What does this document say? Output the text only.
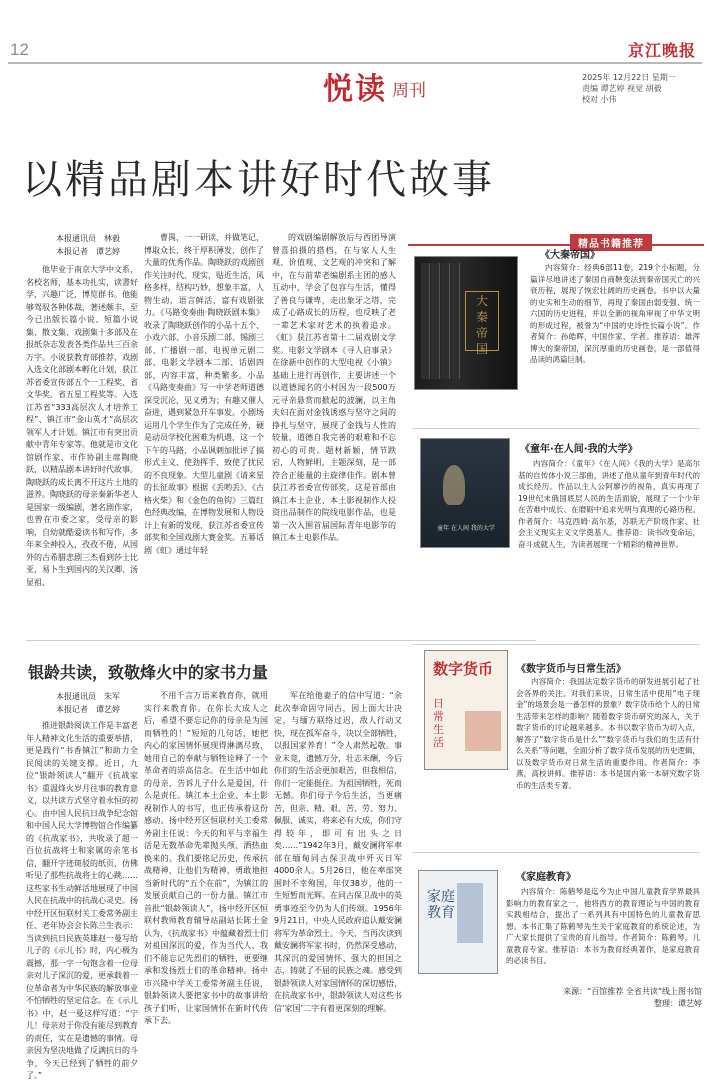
12	京江晚报
悦读 周刊
2025年 12月22日 星期一
责编 谭艺婷 视觉 胡毅
校对 小伟
以精品剧本讲好时代故事
本报通讯员　林毅
本报记者　谭艺婷

他毕业于南京大学中文系，名校名师，基本功扎实，读書好学，兴趣广泛，博览群书。他能够驾驭各种体裁，著述颇丰，至今已出版长篇小说、短篇小说集、散文集、戏剧集十多部及在报纸杂志发表各类作品共三百余万字。小说获教育部推荐，戏剧入选文化部剧本孵化计划，获江苏省委宣传部五个一工程奖、省文华奖、省五星工程奖等。入选江苏省“333高层次人才培养工程”、镇江市“金山英才”高层次领军人才计划。镇江市有突出贡献中青年专家等。他就是市文化馆剧作家、市作协副主席陶晓跃，以精品剧本讲好时代故事。陶晓跃的成长离不开这片土地的滋养。陶晓跃的母亲秦新华老人是国家一级编剧，著名剧作家，也曾在市委之家，受母亲的影响，自幼就酷爱读书和写作，多年来全神投入，孜孜不倦，从国外的古希腊悲剧三杰看到莎士比亚，易卜生到国内的关汉卿、汤显祖、

曹禺，一一研读，并做笔记，博取众长，终于厚积薄发，创作了大量的优秀作品。陶晓跃的戏剧创作关注时代、现实，贴近生活，风格多样，结构巧妙，想象丰富，人物生动，语言鲜活，富有戏剧张力。《马路变奏曲·陶晓跃剧本集》收录了陶晓跃创作的小品十五个、小戏六部、小音乐剧二部、锡剧三部、广播剧一部、电视单元剧二部、电影文学剧本二部、话剧四部，内容丰富，种类繁多。小品《马路变奏曲》写一中学老师道德深受沉沦，见义勇为；有趣又催人奋进，遇到紧急开车事发。小剧场运用几个学生作为了完成任务，硬是动员学校化困难为机遇，这一个下午的马路，小品讽刺加批评了搞形式主义、使劲挥手、致使了扰民的不良现象。大型儿童剧《请来星的长征故事》根据《丢哟丢》、《古格火柴》和《金色的鱼钩》三篇红色经典改编，在博物发展和人物设计上有新的发现，获江苏省委宣传部奖和全国戏剧大赛金奖。五幕话剧《虹》通过年轻

的戏剧编剧解放后与西团导演曾喜拍摄的搭档，在与家人人生观、价值观、文艺观的冲突和了解中，在与前辈老编剧系主团的感人互动中，学会了包容与生活，懂得了善良与谦卑，走出象牙之塔，完成了心路成长的历程，也反映了老一辈艺术家对艺术的执着追求。《虹》获江苏省第十二届戏剧文学奖。电影文学剧本《寻人启事录》在徐新中创作的大型电视《小镇》基础上进行再创作，主要讲述一个以道德闻名的小村因为一段500万元寻亲悬赏而掀起的波澜，以主角夫妇在面对金钱诱惑与坚守之间的挣扎与坚守，展现了金钱与人性的较量，道德自我完善的艰难和不忘初心的可贵。题材新颖，情节跌宕，人物鲜明，主题深刻，是一部符合正能量的主旋律佳作。剧本曾获江苏省委宣传部奖，这是首部由镇江本土企业、本土影视制作人投资出品制作的院线电影作品，也是第一次入围首届国际青年电影节的镇江本土电影作品。

银龄共读，致敬烽火中的家书力量
本报通讯员　朱军
本报记者　谭艺婷

推进银龄阅读工作是丰富老年人精神文化生活的重要举措，更是践行“书香镇江”和助力全民阅读的关键支撑。近日，九位“银龄领读人”翻开《抗战家书》重温烽火岁月往事的教育意义，以共读方式坚守着永恒的初心。由中国人民抗日战争纪念馆和中国人民大学博物馆合作编纂的《抗战家书》，共收录了超一百位抗战将士和家属的亲笔书信，翻开字迹斑驳的纸页，仿佛听见了那些抗战将士的心跳……这些家书生动鲜活地展现了中国人民在抗战中的抗战心灵史。扬中经开区恒联村关工委常务副主任、老年协会会长陈兰生表示：当读到抗日民族英雄赵一曼写给儿子的《示儿书》时，内心极为震撼，那一字一句饱含着一位母亲对儿子深沉的爱，更承载着一位革命者为中华民族的解放事业不怕牺牲的坚定信念。在《示儿书》中，赵一曼这样写道：“宁儿！母亲对于你没有能尽到教育的责任，实在是遗憾的事情。母亲因为坚决地做了反满抗日的斗争，今天已经到了牺牲的前夕了。”

不用千言万语来教育你，就用实行来教育你。在你长大成人之后，希望不要忘记你的母亲是为国而牺牲的！”短短的几句话，她把内心的家国情怀展现得淋漓尽致，她用自己的奉献与牺牲诠释了一个革命者的崇高信念。在生活中如此的母亲，告诉儿子什么是爱国，什么是责任。镇江本土企业、本土影视制作人的书写，也正传承着这份感动。扬中经开区恒联村关工委常务副主任说：今天的和平与幸福生活是无数革命先辈抛头颅、洒热血换来的。我们要铭记历史，传承抗战精神，让他们为精神，勇敢地担当新时代的“五个在前”，为镇江的发展贡献自己的一份力量。镇江市首批“银龄领读人”，扬中经开区恒联村教师教育辅导站副站长陈士金认为，《抗战家书》中蕴藏着烈士们对祖国深沉的爱，作为当代人，我们不能忘记先烈们的牺牲，更要继承和发扬烈士们的革命精神。扬中市兴隆中学关工委常务副主任说，银龄领读人要把家书中的故事讲给孩子们听，让家国情怀在新时代传承下去。

军在给他妻子的信中写道：“余此次奉命固守同古，因上面大计决定，与缅方联络过迟，敌人行动又快，现在孤军奋斗，决以全部牺牲，以报国家养育！”令人肃然起敬。事业未竟，遗憾万分，壮志未酬，今后你们的生活会更加艰苦，但我相信，你们一定能挺住。为祖国牺牲，死而无憾。你们母子今后生活，当更痛苦，但亲、精、艰、苦、劳、努力、佩服、诚实，将来必有大成，你们守得较年，即可有出头之日矣……”1942年3月，戴安澜将军率部在缅甸同古保卫战中歼灭日军4000余人。5月26日，他在率部突围时不幸殉国，年仅38岁，他的一生短暂而光辉。在同古保卫战中的英勇事迹至今仍为人们传颂。1956年9月21日，中央人民政府追认戴安澜将军为革命烈士。今天，当再次读到戴安澜将军家书时，仍然深受感动，其深沉的爱国情怀、强大的担国之志，铸就了不屈的民族之魂。感受到银龄领读人对家国情怀的深切感悟，在抗战家书中，银龄领读人对这些书信‘家国’二字有着更深刻的理解。

精品书籍推荐
大
秦
帝
国
《大秦帝国》

内容简介：经典6部11卷，219个小标题，分篇详尽地讲述了秦国自商鞅变法到秦帝国灭亡的兴衰历程，展现了恢宏壮阔的历史画卷。书中以大量的史实和生动的细节，再现了秦国由弱变强、统一六国的历史进程，并以全新的视角审视了中华文明的形成过程，被誉为“中国的史诗性长篇小说”。作者简介：孙皓晖，中国作家、学者。推荐语：雄浑博大的秦帝国，深沉厚重的历史画卷，是一部值得品读的鸿篇巨制。

童年 在人间 我的大学
《童年·在人间·我的大学》

内容简介：《童年》《在人间》《我的大学》是高尔基的自传体小说三部曲，讲述了他从童年到青年时代的成长经历。作品以主人公阿廖沙的视角，真实再现了19世纪末俄国底层人民的生活面貌，展现了一个少年在苦难中成长、在磨砺中追求光明与真理的心路历程。作者简介：马克西姆·高尔基，苏联无产阶级作家、社会主义现实主义文学奠基人。推荐语：读书改变命运，奋斗成就人生，为读者展现一个精彩的精神世界。

数字货币
日常生活
《数字货币与日常生活》

内容简介：我国法定数字货币的研发进展引起了社会各界的关注。对我们来说，日常生活中使用“电子现金”的场景会是一番怎样的景象？数字货币给个人的日常生活带来怎样的影响？随着数字货币研究的深入，关于数字货币的讨论越来越多。本书以数字货币为切入点，解答了“数字货币是什么”“数字货币与我们的生活有什么关系”等问题，全面分析了数字货币发展的历史逻辑，以及数字货币对日常生活的重要作用。作者简介：李燕，高校讲师。推荐语：本书是国内第一本研究数字货币的生活类专著。

家庭
教育
《家庭教育》

内容简介：陈鹤琴是迄今为止中国儿童教育学界最具影响力的教育家之一，他将西方的教育理论与中国的教育实践相结合，提出了一系列具有中国特色的儿童教育思想。本书汇集了陈鹤琴先生关于家庭教育的系统论述，为广大家长提供了宝贵的育儿指导。作者简介：陈鹤琴，儿童教育专家。推荐语：本书为教育经典著作，是家庭教育的必读书目。

来源：“百馆推荐 全省共读”线上图书馆
整理：谭艺婷
